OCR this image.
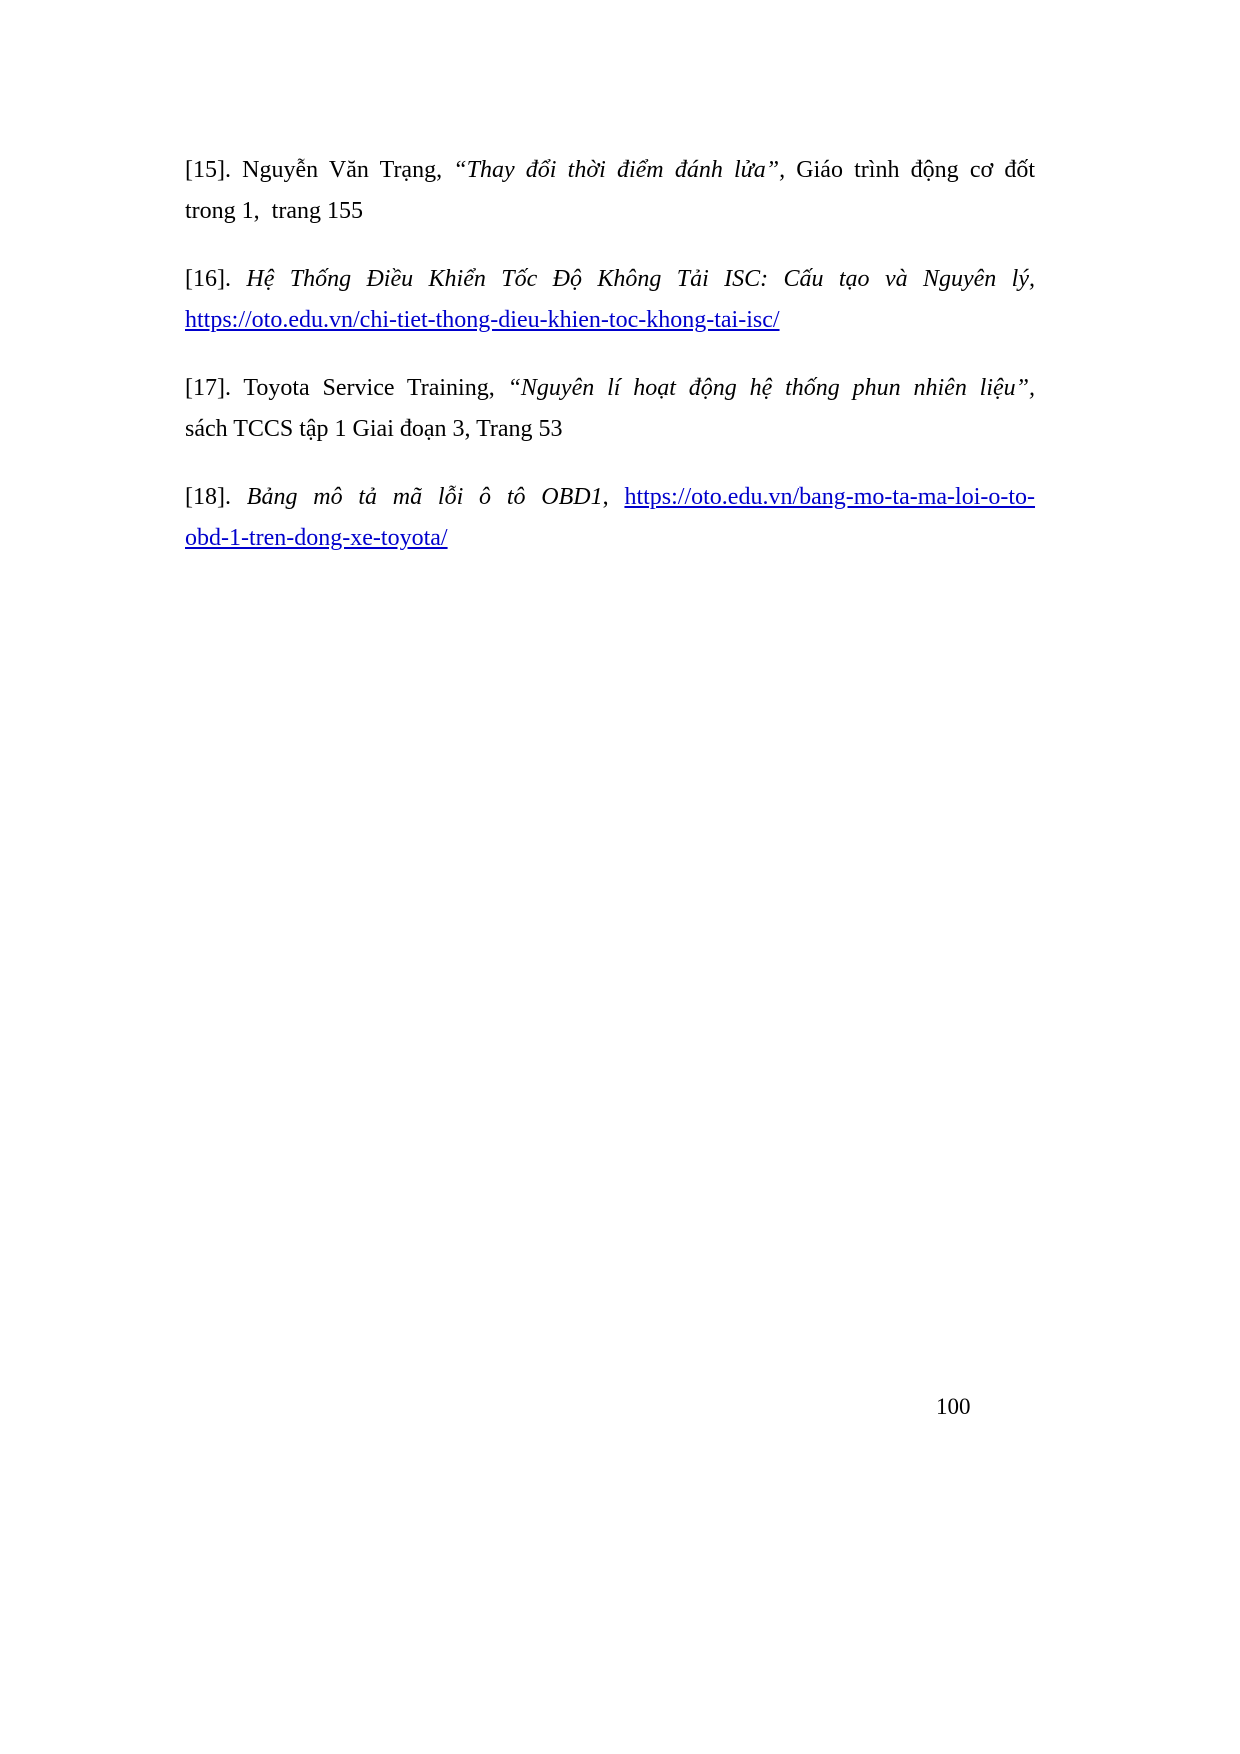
[15]. Nguyễn Văn Trạng, “Thay đổi thời điểm đánh lửa”, Giáo trình động cơ đốt
trong 1,  trang 155

[16]. Hệ Thống Điều Khiển Tốc Độ Không Tải ISC: Cấu tạo và Nguyên lý,
https://oto.edu.vn/chi-tiet-thong-dieu-khien-toc-khong-tai-isc/

[17]. Toyota Service Training, “Nguyên lí hoạt động hệ thống phun nhiên liệu”,
sách TCCS tập 1 Giai đoạn 3, Trang 53

[18]. Bảng mô tả mã lỗi ô tô OBD1, https://oto.edu.vn/bang-mo-ta-ma-loi-o-to-
obd-1-tren-dong-xe-toyota/

100
